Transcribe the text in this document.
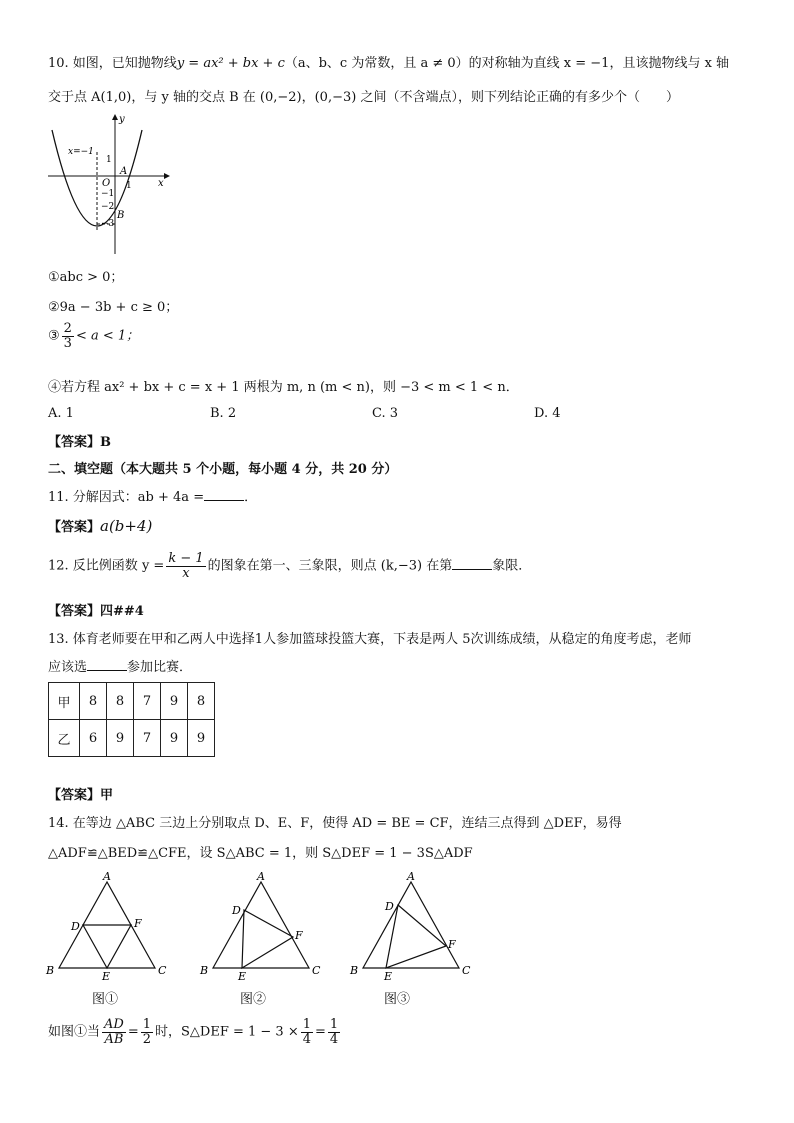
10. 如图，已知抛物线y = ax² + bx + c（a、b、c 为常数，且 a ≠ 0）的对称轴为直线 x = −1，且该抛物线与 x 轴
交于点 A(1,0)，与 y 轴的交点 B 在 (0,−2)，(0,−3) 之间（不含端点），则下列结论正确的有多少个（　　）
y
x
O 1
1
−1
−2
−3
x=−1
A
B
①abc > 0；
②9a − 3b + c ≥ 0；
③ $\frac{2}{3} < a < 1$；
④若方程 ax² + bx + c = x + 1 两根为 m, n (m < n)，则 −3 < m < 1 < n．
A. 1	B. 2	C. 3	D. 4
【答案】B
二、填空题（本大题共 5 个小题，每小题 4 分，共 20 分）
11. 分解因式：ab + 4a =	．
【答案】a(b+4)
12. 反比例函数 $y = \frac{k - 1}{x}$ 的图象在第一、三象限，则点 (k,−3) 在第	象限．
【答案】四##4
13. 体育老师要在甲和乙两人中选择1人参加篮球投篮大赛，下表是两人 5次训练成绩，从稳定的角度考虑，老师
应该选	参加比赛．
甲	8	8	7	9	8
乙	6	9	7	9	9
【答案】甲
14. 在等边 △ABC 三边上分别取点 D、E、F，使得 AD = BE = CF，连结三点得到 △DEF，易得
△ADF≌△BED≌△CFE，设 S△ABC = 1，则 S△DEF = 1 − 3S△ADF
A
B	C
D
E
F
图①
A
B	C
D
E
F
图②
A
B	C
D
E
F
图③
如图①当 $\frac{AD}{AB} = \frac{1}{2}$ 时，S△DEF = $1 - 3 \times \frac{1}{4} = \frac{1}{4}$
